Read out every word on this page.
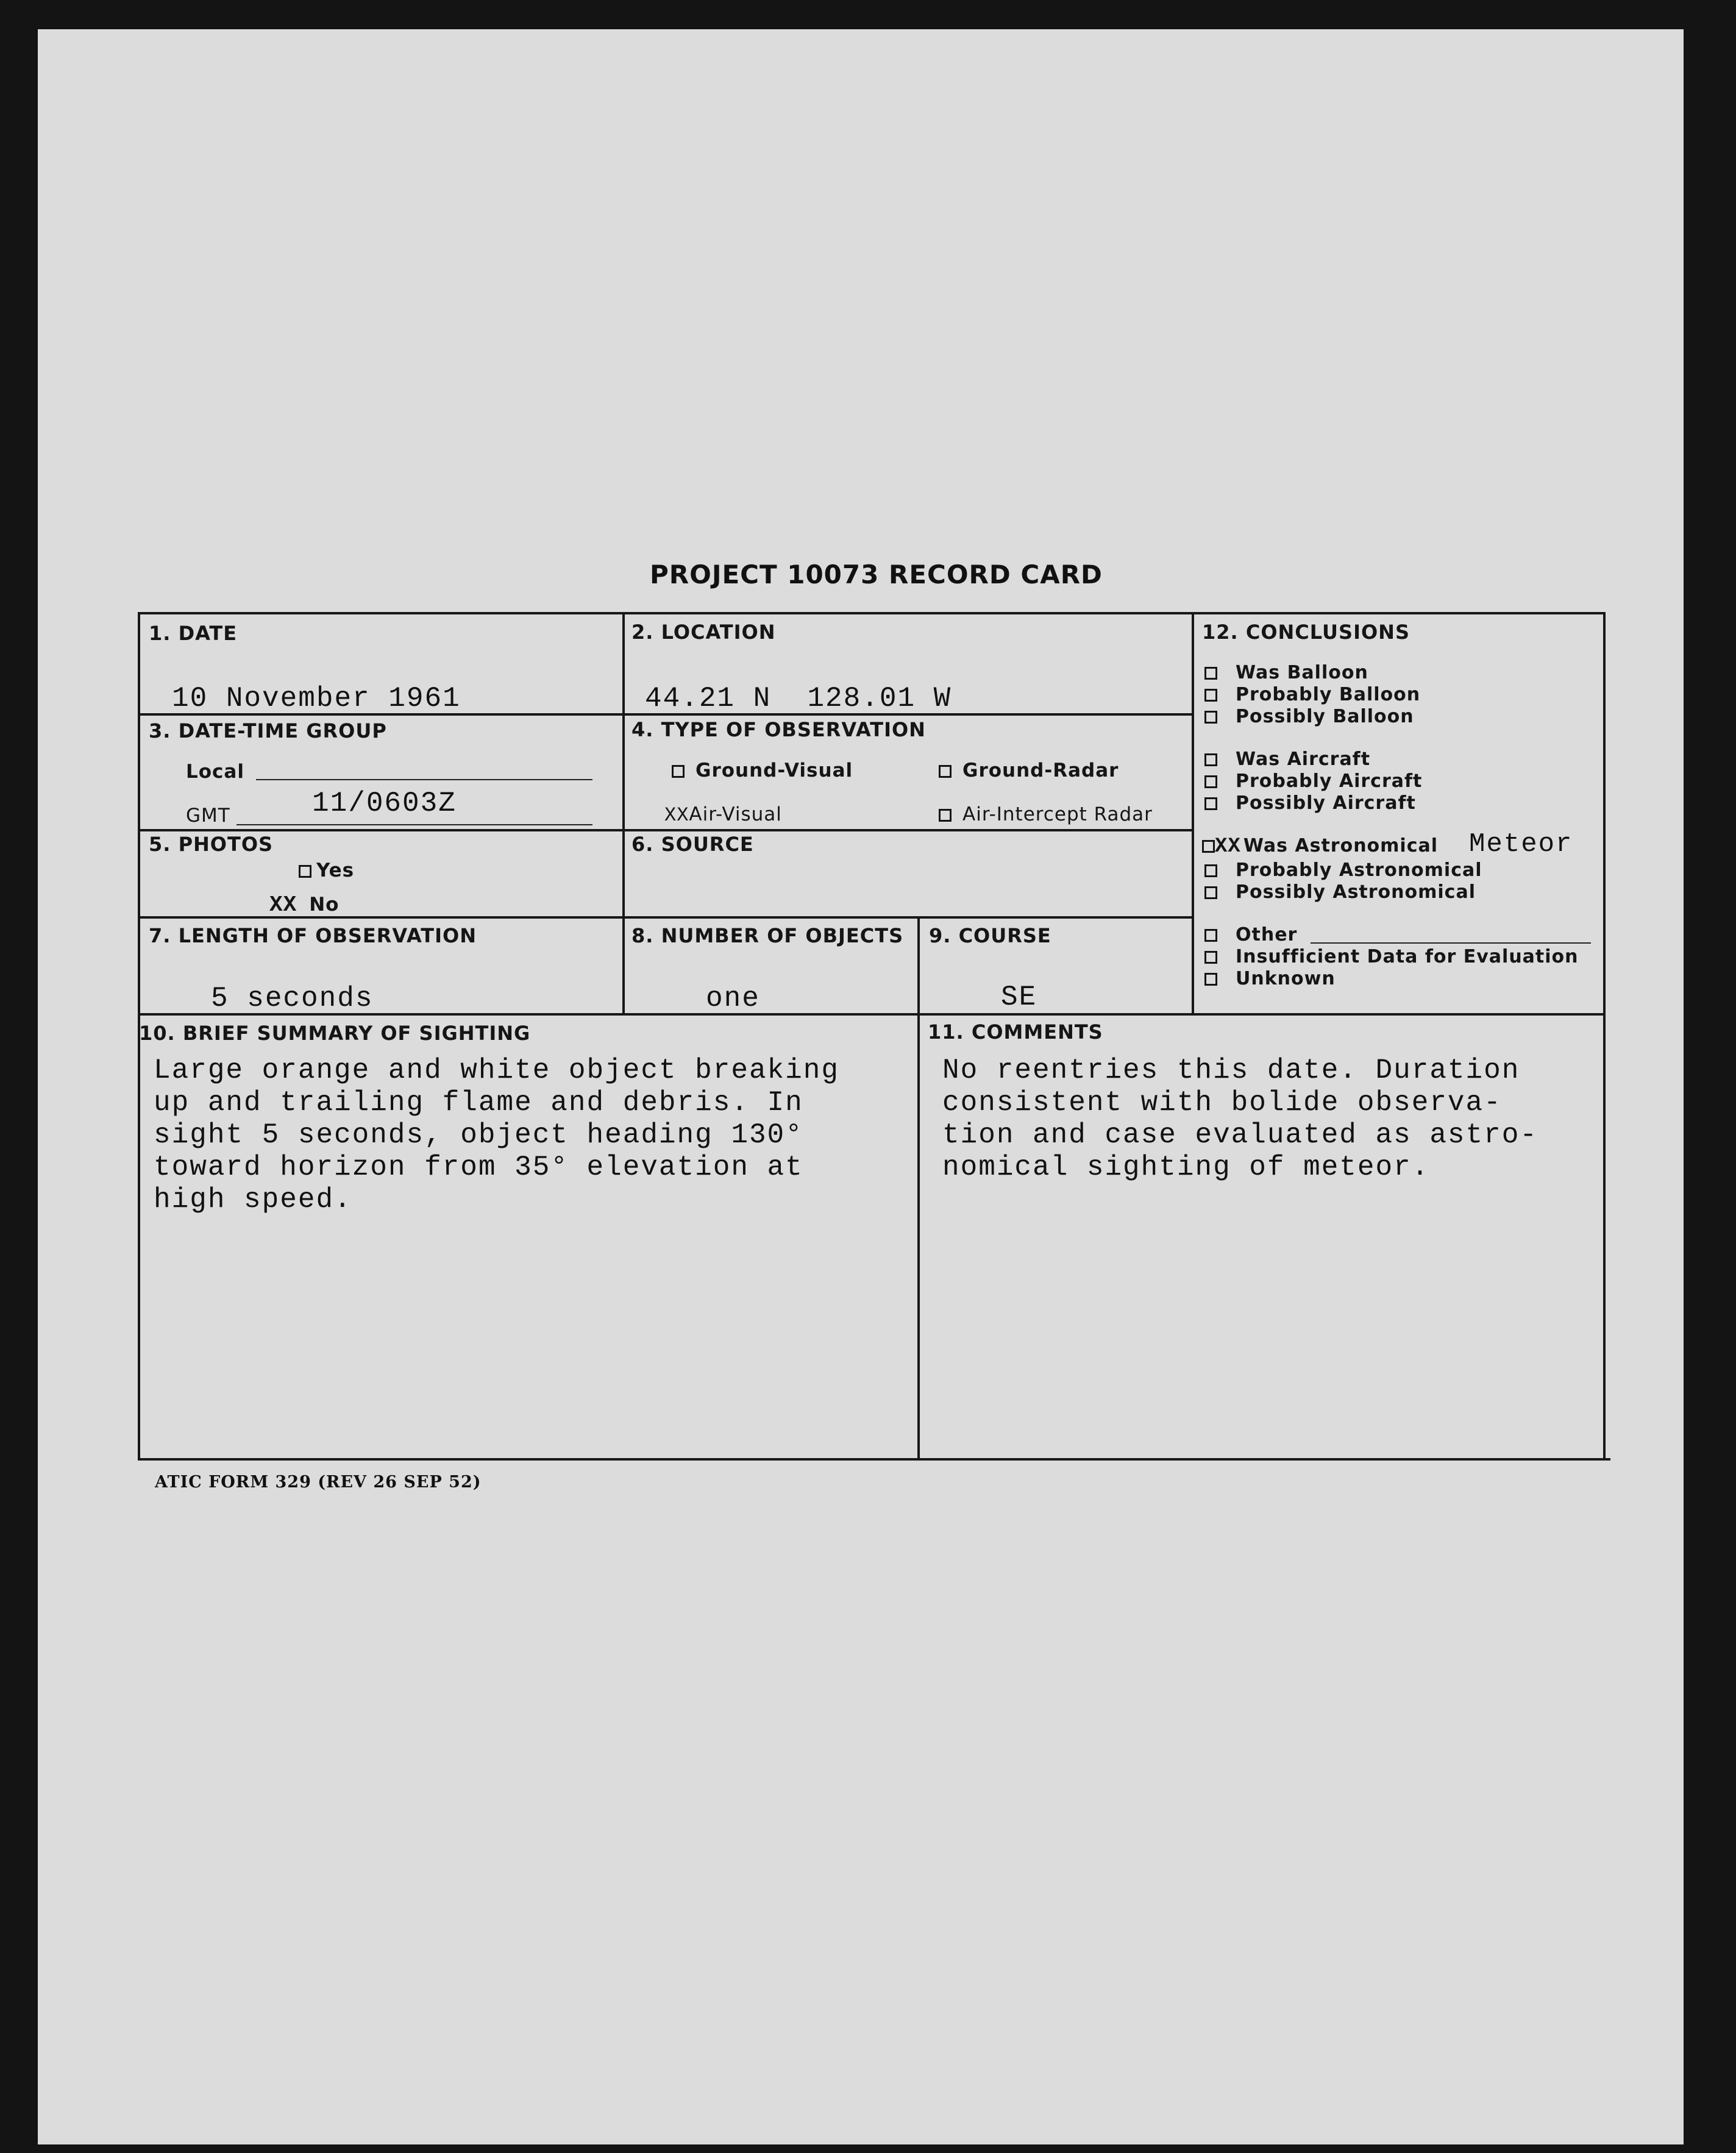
PROJECT 10073 RECORD CARD
1. DATE
10 November 1961
2. LOCATION
44.21 N  128.01 W
3. DATE-TIME GROUP
Local
GMT	11/0603Z
4. TYPE OF OBSERVATION
Ground-Visual	Ground-Radar
XXAir-Visual	Air-Intercept Radar
5. PHOTOS
Yes
XX No
6. SOURCE
7. LENGTH OF OBSERVATION
5 seconds
8. NUMBER OF OBJECTS
one
9. COURSE
SE
10. BRIEF SUMMARY OF SIGHTING
Large orange and white object breaking
up and trailing flame and debris. In
sight 5 seconds, object heading 130°
toward horizon from 35° elevation at
high speed.
11. COMMENTS
No reentries this date. Duration
consistent with bolide observa-
tion and case evaluated as astro-
nomical sighting of meteor.
12. CONCLUSIONS
Was Balloon
Probably Balloon
Possibly Balloon
Was Aircraft
Probably Aircraft
Possibly Aircraft
XX Was Astronomical Meteor
Probably Astronomical
Possibly Astronomical
Other
Insufficient Data for Evaluation
Unknown
ATIC FORM 329 (REV 26 SEP 52)
